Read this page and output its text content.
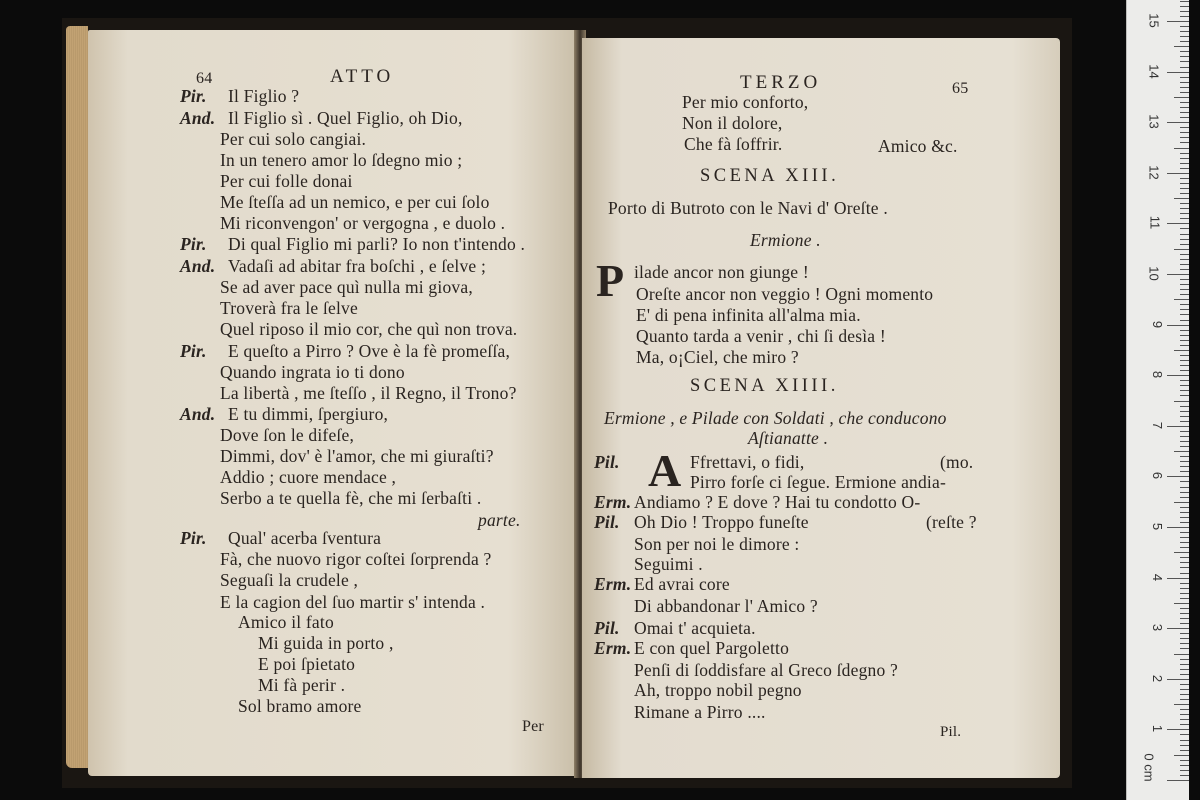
64	ATTO
Pir. Il Figlio ?
And. Il Figlio sì . Quel Figlio, oh Dio,
Per cui solo cangiai.
In un tenero amor lo ſdegno mio ;
Per cui folle donai
Me ſteſſa ad un nemico, e per cui ſolo
Mi riconvengon' or vergogna , e duolo .
Pir. Di qual Figlio mi parli? Io non t'intendo .
And. Vadaſi ad abitar fra boſchi , e ſelve ;
Se ad aver pace quì nulla mi giova,
Troverà fra le ſelve
Quel riposo il mio cor, che quì non trova.
Pir. E queſto a Pirro ? Ove è la fè promeſſa,
Quando ingrata io ti dono
La libertà , me ſteſſo , il Regno, il Trono?
And. E tu dimmi, ſpergiuro,
Dove ſon le difeſe,
Dimmi, dov' è l'amor, che mi giuraſti?
Addio ; cuore mendace ,
Serbo a te quella fè, che mi ſerbaſti .
parte.
Pir. Qual' acerba ſventura
Fà, che nuovo rigor coſtei ſorprenda ?
Seguaſi la crudele ,
E la cagion del ſuo martir s' intenda .
Amico il fato
Mi guida in porto ,
E poi ſpietato
Mi fà perir .
Sol bramo amore
Per
TERZO	65
Per mio conforto,
Non il dolore,
Che fà ſoffrir.	Amico &c.
SCENA XIII.
Porto di Butroto con le Navi d' Oreſte .
Ermione .
P ilade ancor non giunge !
Oreſte ancor non veggio ! Ogni momento
E' di pena infinita all'alma mia.
Quanto tarda a venir , chi ſi desìa !
Ma, o¡Ciel, che miro ?
SCENA XIIII.
Ermione , e Pilade con Soldati , che conducono
Aſtianatte .
A
Pil.	Ffrettavi, o fidi,	(mo.
Pirro forſe ci ſegue. Ermione andia-
Erm. Andiamo ? E dove ? Hai tu condotto O-
Pil. Oh Dio ! Troppo funeſte	(reſte ?
Son per noi le dimore :
Seguimi .
Erm. Ed avrai core
Di abbandonar l' Amico ?
Pil. Omai t' acquieta.
Erm. E con quel Pargoletto
Penſi di ſoddisfare al Greco ſdegno ?
Ah, troppo nobil pegno
Rimane a Pirro ....
Pil.
15
14
13
12
11
10
9
8
7
6
5
4
3
2
1
0 cm
